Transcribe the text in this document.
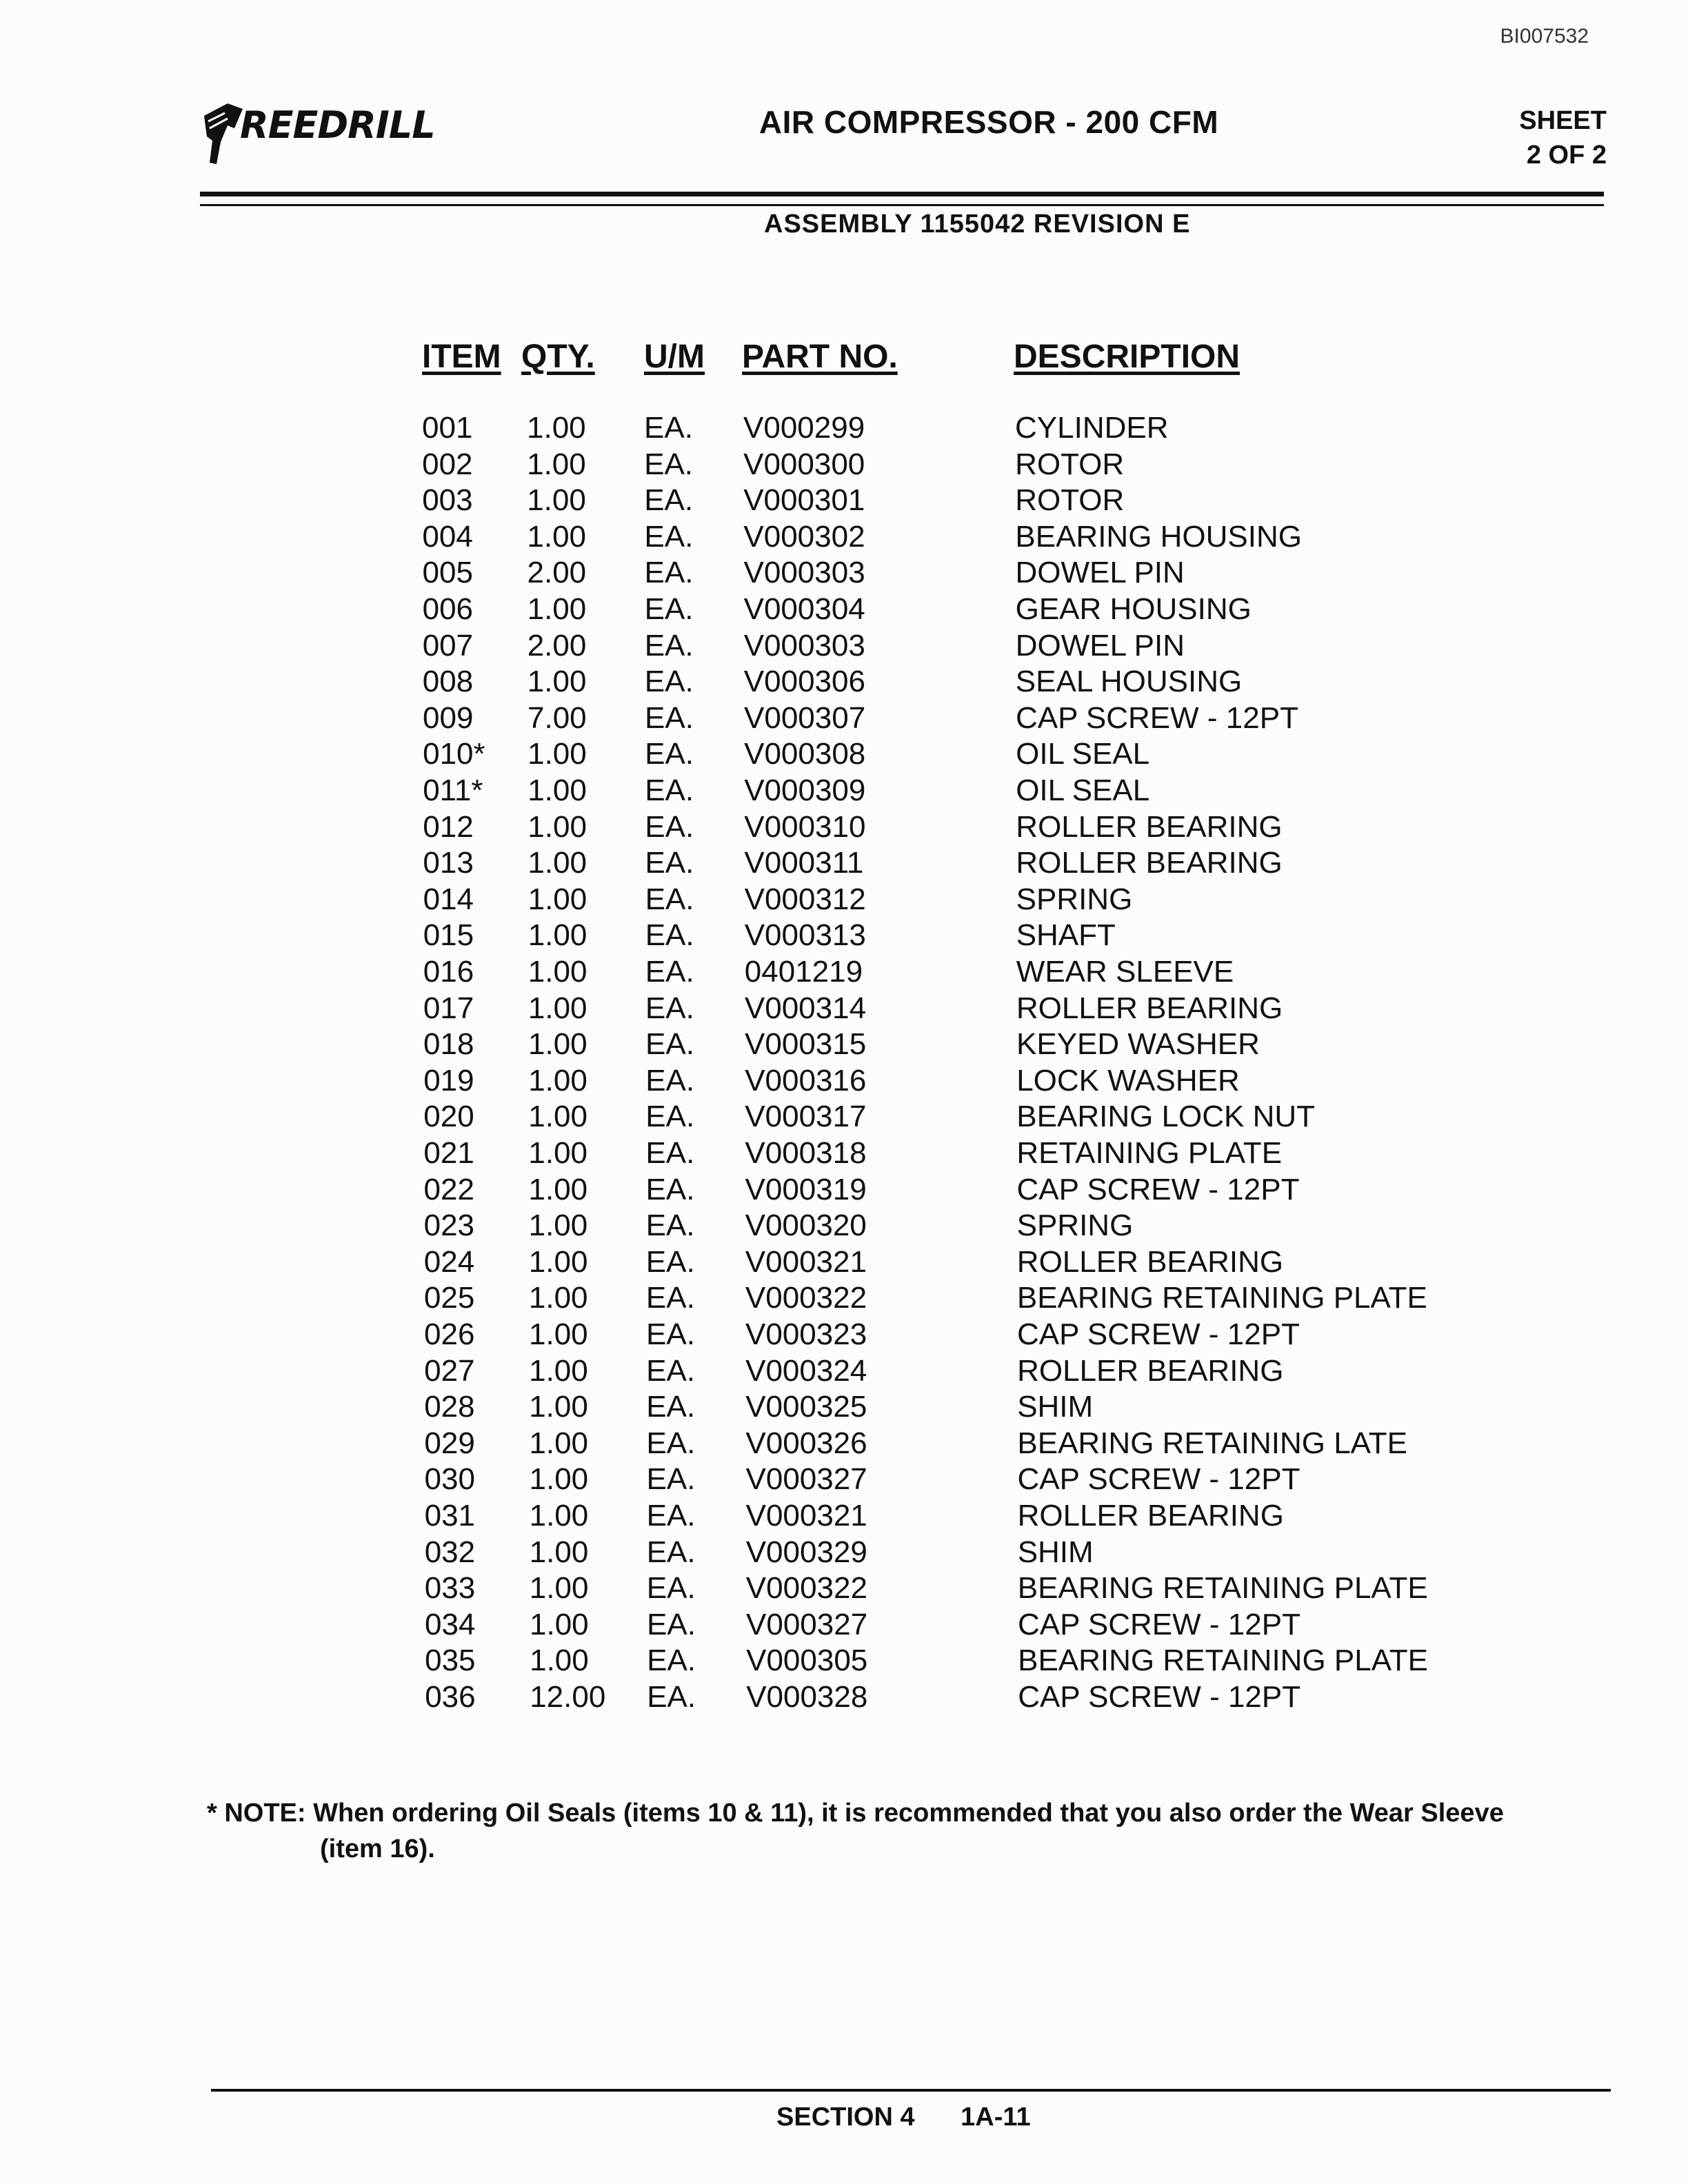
BI007532
REEDRILL	AIR COMPRESSOR - 200 CFM	SHEET
2 OF 2
ASSEMBLY 1155042 REVISION E
ITEM QTY. U/M PART NO.	DESCRIPTION
001 1.00 EA. V000299	CYLINDER
002 1.00 EA. V000300	ROTOR
003 1.00 EA. V000301	ROTOR
004 1.00 EA. V000302	BEARING HOUSING
005 2.00 EA. V000303	DOWEL PIN
006 1.00 EA. V000304	GEAR HOUSING
007 2.00 EA. V000303	DOWEL PIN
008 1.00 EA. V000306	SEAL HOUSING
009 7.00 EA. V000307	CAP SCREW - 12PT
010* 1.00 EA. V000308	OIL SEAL
011* 1.00 EA. V000309	OIL SEAL
012 1.00 EA. V000310	ROLLER BEARING
013 1.00 EA. V000311	ROLLER BEARING
014 1.00 EA. V000312	SPRING
015 1.00 EA. V000313	SHAFT
016 1.00 EA. 0401219	WEAR SLEEVE
017 1.00 EA. V000314	ROLLER BEARING
018 1.00 EA. V000315	KEYED WASHER
019 1.00 EA. V000316	LOCK WASHER
020 1.00 EA. V000317	BEARING LOCK NUT
021 1.00 EA. V000318	RETAINING PLATE
022 1.00 EA. V000319	CAP SCREW - 12PT
023 1.00 EA. V000320	SPRING
024 1.00 EA. V000321	ROLLER BEARING
025 1.00 EA. V000322	BEARING RETAINING PLATE
026 1.00 EA. V000323	CAP SCREW - 12PT
027 1.00 EA. V000324	ROLLER BEARING
028 1.00 EA. V000325	SHIM
029 1.00 EA. V000326	BEARING RETAINING LATE
030 1.00 EA. V000327	CAP SCREW - 12PT
031 1.00 EA. V000321	ROLLER BEARING
032 1.00 EA. V000329	SHIM
033 1.00 EA. V000322	BEARING RETAINING PLATE
034 1.00 EA. V000327	CAP SCREW - 12PT
035 1.00 EA. V000305	BEARING RETAINING PLATE
036 12.00 EA. V000328	CAP SCREW - 12PT
* NOTE: When ordering Oil Seals (items 10 & 11), it is recommended that you also order the Wear Sleeve
(item 16).
SECTION 4 1A-11
